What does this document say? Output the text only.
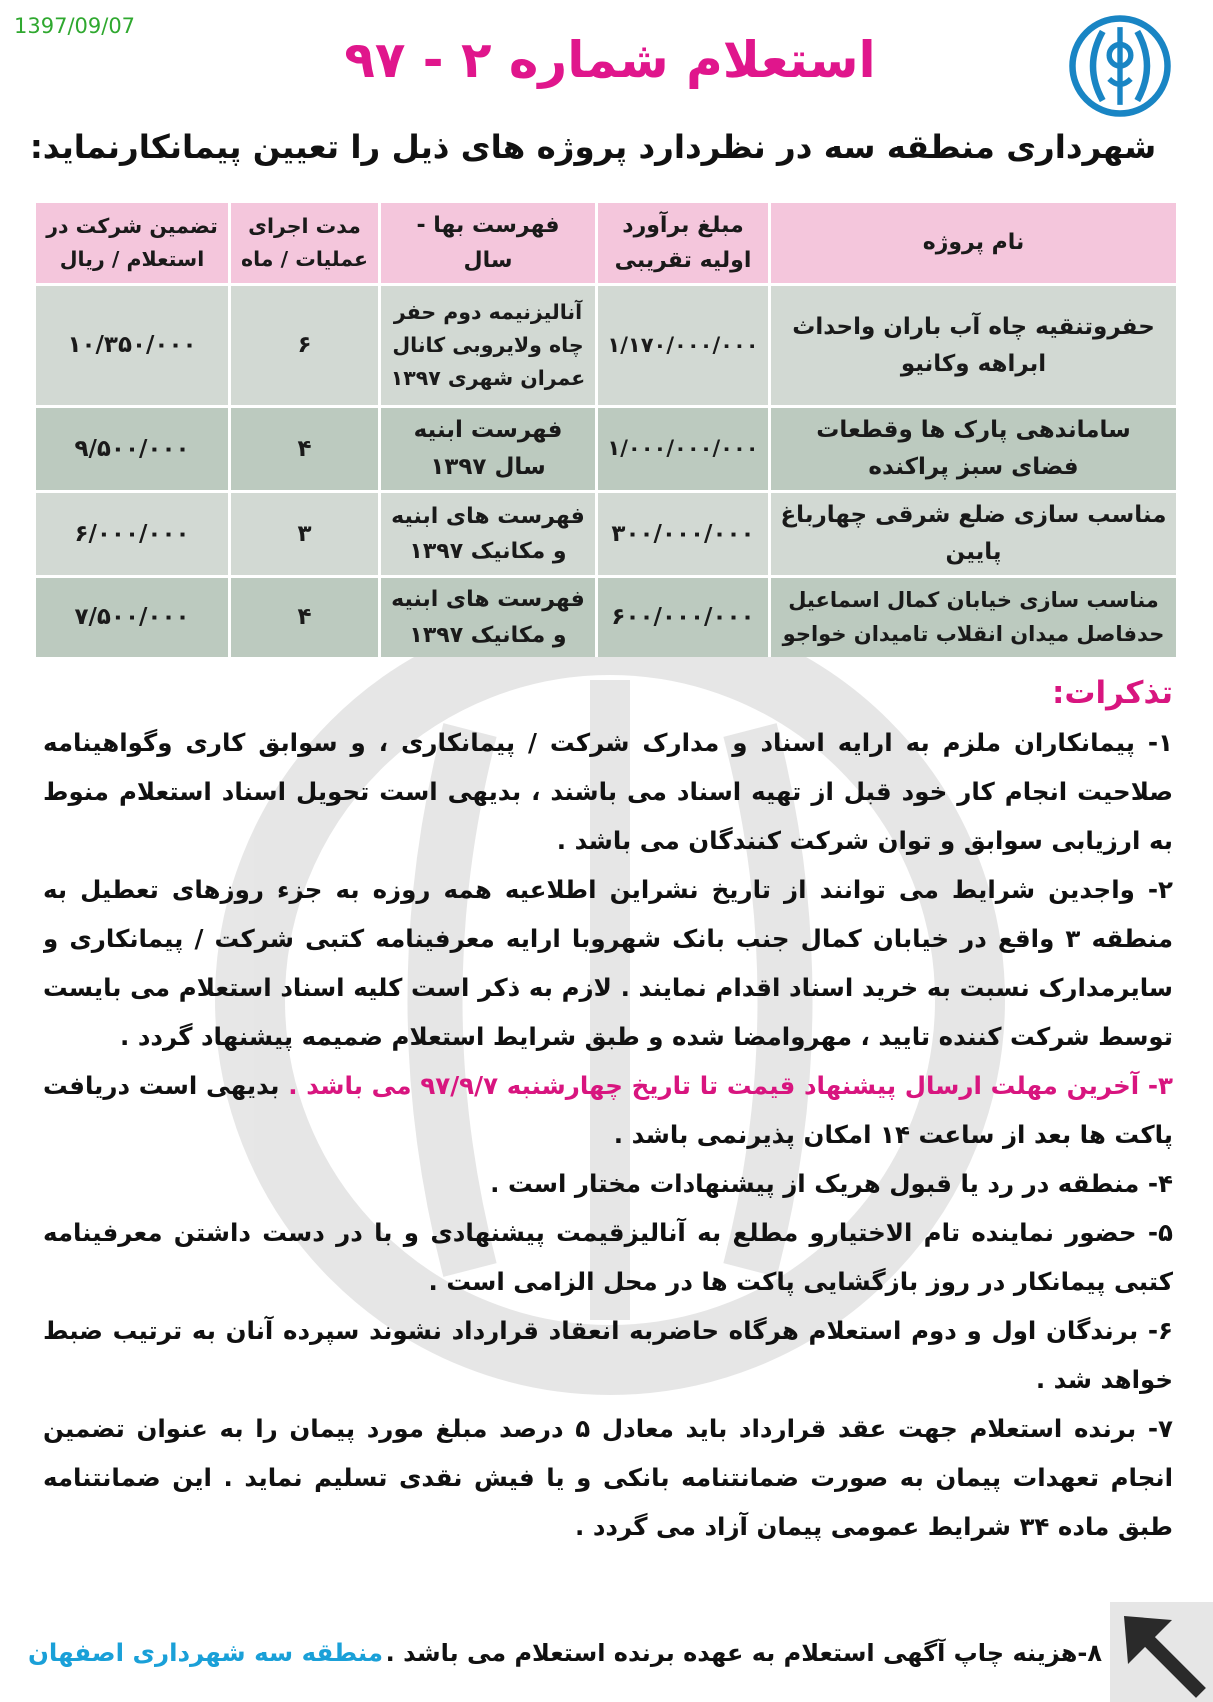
1397/09/07
استعلام شماره ۲ - ۹۷
شهرداری منطقه سه در نظردارد پروژه های ذیل را تعیین پیمانکارنماید:
نام پروژه
مبلغ برآورد اولیه تقریبی
فهرست بها - سال
مدت اجرای عملیات / ماه
تضمین شرکت در استعلام / ریال
حفروتنقیه چاه آب باران واحداث ابراهه وکانیو
۱/۱۷۰/۰۰۰/۰۰۰
آنالیزنیمه دوم حفر چاه ولایروبی کانال عمران شهری ۱۳۹۷
۶
۱۰/۳۵۰/۰۰۰
ساماندهی پارک ها وقطعات فضای سبز پراکنده
۱/۰۰۰/۰۰۰/۰۰۰
فهرست ابنیه سال ۱۳۹۷
۴
۹/۵۰۰/۰۰۰
مناسب سازی ضلع شرقی چهارباغ پایین
۳۰۰/۰۰۰/۰۰۰
فهرست های ابنیه و مکانیک ۱۳۹۷
۳
۶/۰۰۰/۰۰۰
مناسب سازی خیابان کمال اسماعیل حدفاصل میدان انقلاب تامیدان خواجو
۶۰۰/۰۰۰/۰۰۰
فهرست های ابنیه و مکانیک ۱۳۹۷
۴
۷/۵۰۰/۰۰۰
تذکرات:

۱- پیمانکاران ملزم به ارایه اسناد و مدارک شرکت / پیمانکاری ، و سوابق کاری وگواهینامه صلاحیت انجام کار خود قبل از تهیه اسناد می باشند ، بدیهی است تحویل اسناد استعلام منوط به ارزیابی سوابق و توان شرکت کنندگان می باشد .

۲- واجدین شرایط می توانند از تاریخ نشراین اطلاعیه همه روزه به جزء روزهای تعطیل به منطقه ۳ واقع در خیابان کمال جنب بانک شهروبا ارایه معرفینامه کتبی شرکت / پیمانکاری و سایرمدارک نسبت به خرید اسناد اقدام نمایند . لازم به ذکر است کلیه اسناد استعلام می بایست توسط شرکت کننده تایید ، مهروامضا شده و طبق شرایط استعلام ضمیمه پیشنهاد گردد .

۳- آخرین مهلت ارسال پیشنهاد قیمت تا تاریخ چهارشنبه ۹۷/۹/۷ می باشد . بدیهی است دریافت پاکت ها بعد از ساعت ۱۴ امکان پذیرنمی باشد .

۴- منطقه در رد یا قبول هریک از پیشنهادات مختار است .

۵- حضور نماینده تام الاختیارو مطلع به آنالیزقیمت پیشنهادی و با در دست داشتن معرفینامه کتبی پیمانکار در روز بازگشایی پاکت ها در محل الزامی است .

۶- برندگان اول و دوم استعلام هرگاه حاضربه انعقاد قرارداد نشوند سپرده آنان به ترتیب ضبط خواهد شد .

۷- برنده استعلام جهت عقد قرارداد باید معادل ۵ درصد مبلغ مورد پیمان را به عنوان تضمین انجام تعهدات پیمان به صورت ضمانتنامه بانکی و یا فیش نقدی تسلیم نماید . این ضمانتنامه طبق ماده ۳۴ شرایط عمومی پیمان آزاد می گردد .

۸-هزینه چاپ آگهی استعلام به عهده برنده استعلام می باشد .
منطقه سه شهرداری اصفهان
